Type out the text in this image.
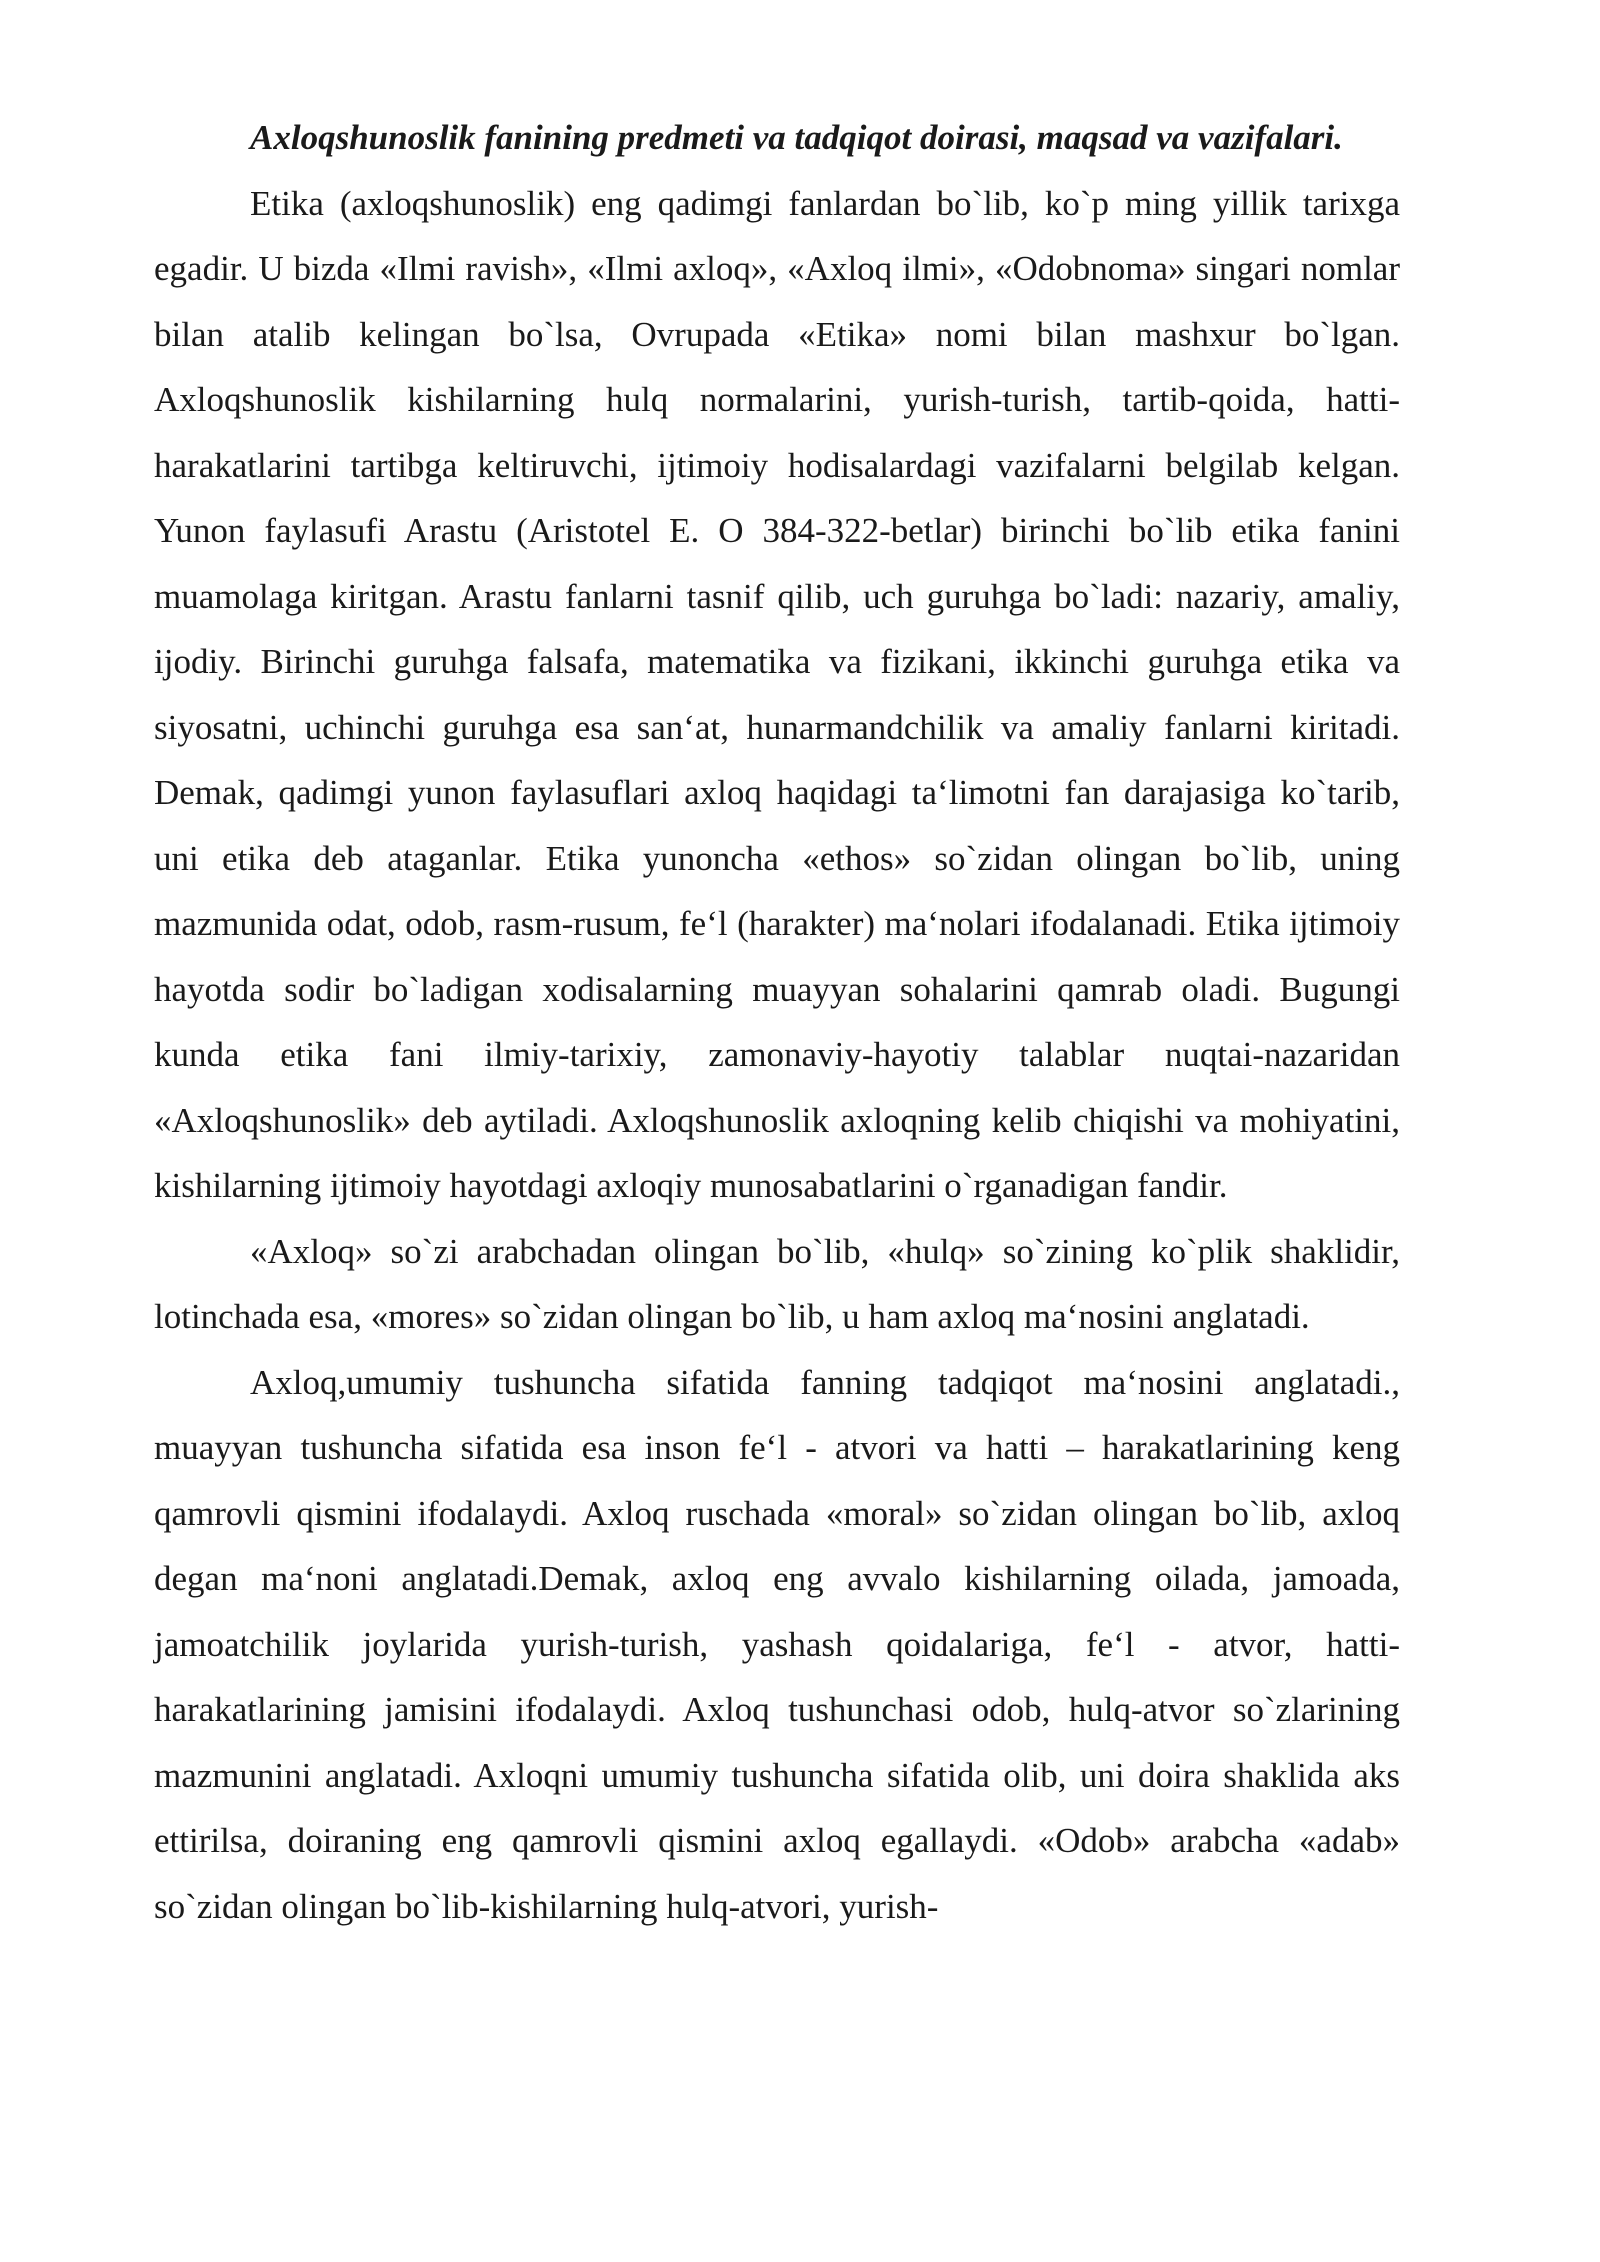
Axloqshunoslik fanining predmeti va tadqiqot doirasi, maqsad va vazifalari.

Etika (axloqshunoslik) eng qadimgi fanlardan bo`lib, ko`p ming yillik tarixga egadir. U bizda «Ilmi ravish», «Ilmi axloq», «Axloq ilmi», «Odobnoma» singari nomlar bilan atalib kelingan bo`lsa, Ovrupada «Etika» nomi bilan mashxur bo`lgan. Axloqshunoslik kishilarning hulq normalarini, yurish-turish, tartib-qoida, hatti-harakatlarini tartibga keltiruvchi, ijtimoiy hodisalardagi vazifalarni belgilab kelgan. Yunon faylasufi Arastu (Aristotel E. O 384-322-betlar) birinchi bo`lib etika fanini muamolaga kiritgan. Arastu fanlarni tasnif qilib, uch guruhga bo`ladi: nazariy, amaliy, ijodiy. Birinchi guruhga falsafa, matematika va fizikani, ikkinchi guruhga etika va siyosatni, uchinchi guruhga esa san‘at, hunarmandchilik va amaliy fanlarni kiritadi. Demak, qadimgi yunon faylasuflari axloq haqidagi ta‘limotni fan darajasiga ko`tarib, uni etika deb ataganlar. Etika yunoncha «ethos» so`zidan olingan bo`lib, uning mazmunida odat, odob, rasm-rusum, fe‘l (harakter) ma‘nolari ifodalanadi. Etika ijtimoiy hayotda sodir bo`ladigan xodisalarning muayyan sohalarini qamrab oladi. Bugungi kunda etika fani ilmiy-tarixiy, zamonaviy-hayotiy talablar nuqtai-nazaridan «Axloqshunoslik» deb aytiladi. Axloqshunoslik axloqning kelib chiqishi va mohiyatini, kishilarning ijtimoiy hayotdagi axloqiy munosabatlarini o`rganadigan fandir.

«Axloq» so`zi arabchadan olingan bo`lib, «hulq» so`zining ko`plik shaklidir, lotinchada esa, «mores» so`zidan olingan bo`lib, u ham axloq ma‘nosini anglatadi.

Axloq,umumiy tushuncha sifatida fanning tadqiqot ma‘nosini anglatadi., muayyan tushuncha sifatida esa inson fe‘l - atvori va hatti – harakatlarining keng qamrovli qismini ifodalaydi. Axloq ruschada «moral» so`zidan olingan bo`lib, axloq degan ma‘noni anglatadi.Demak, axloq eng avvalo kishilarning oilada, jamoada, jamoatchilik joylarida yurish-turish, yashash qoidalariga, fe‘l - atvor, hatti-harakatlarining jamisini ifodalaydi. Axloq tushunchasi odob, hulq-atvor so`zlarining mazmunini anglatadi. Axloqni umumiy tushuncha sifatida olib, uni doira shaklida aks ettirilsa, doiraning eng qamrovli qismini axloq egallaydi. «Odob» arabcha «adab» so`zidan olingan bo`lib-kishilarning hulq-atvori, yurish-
